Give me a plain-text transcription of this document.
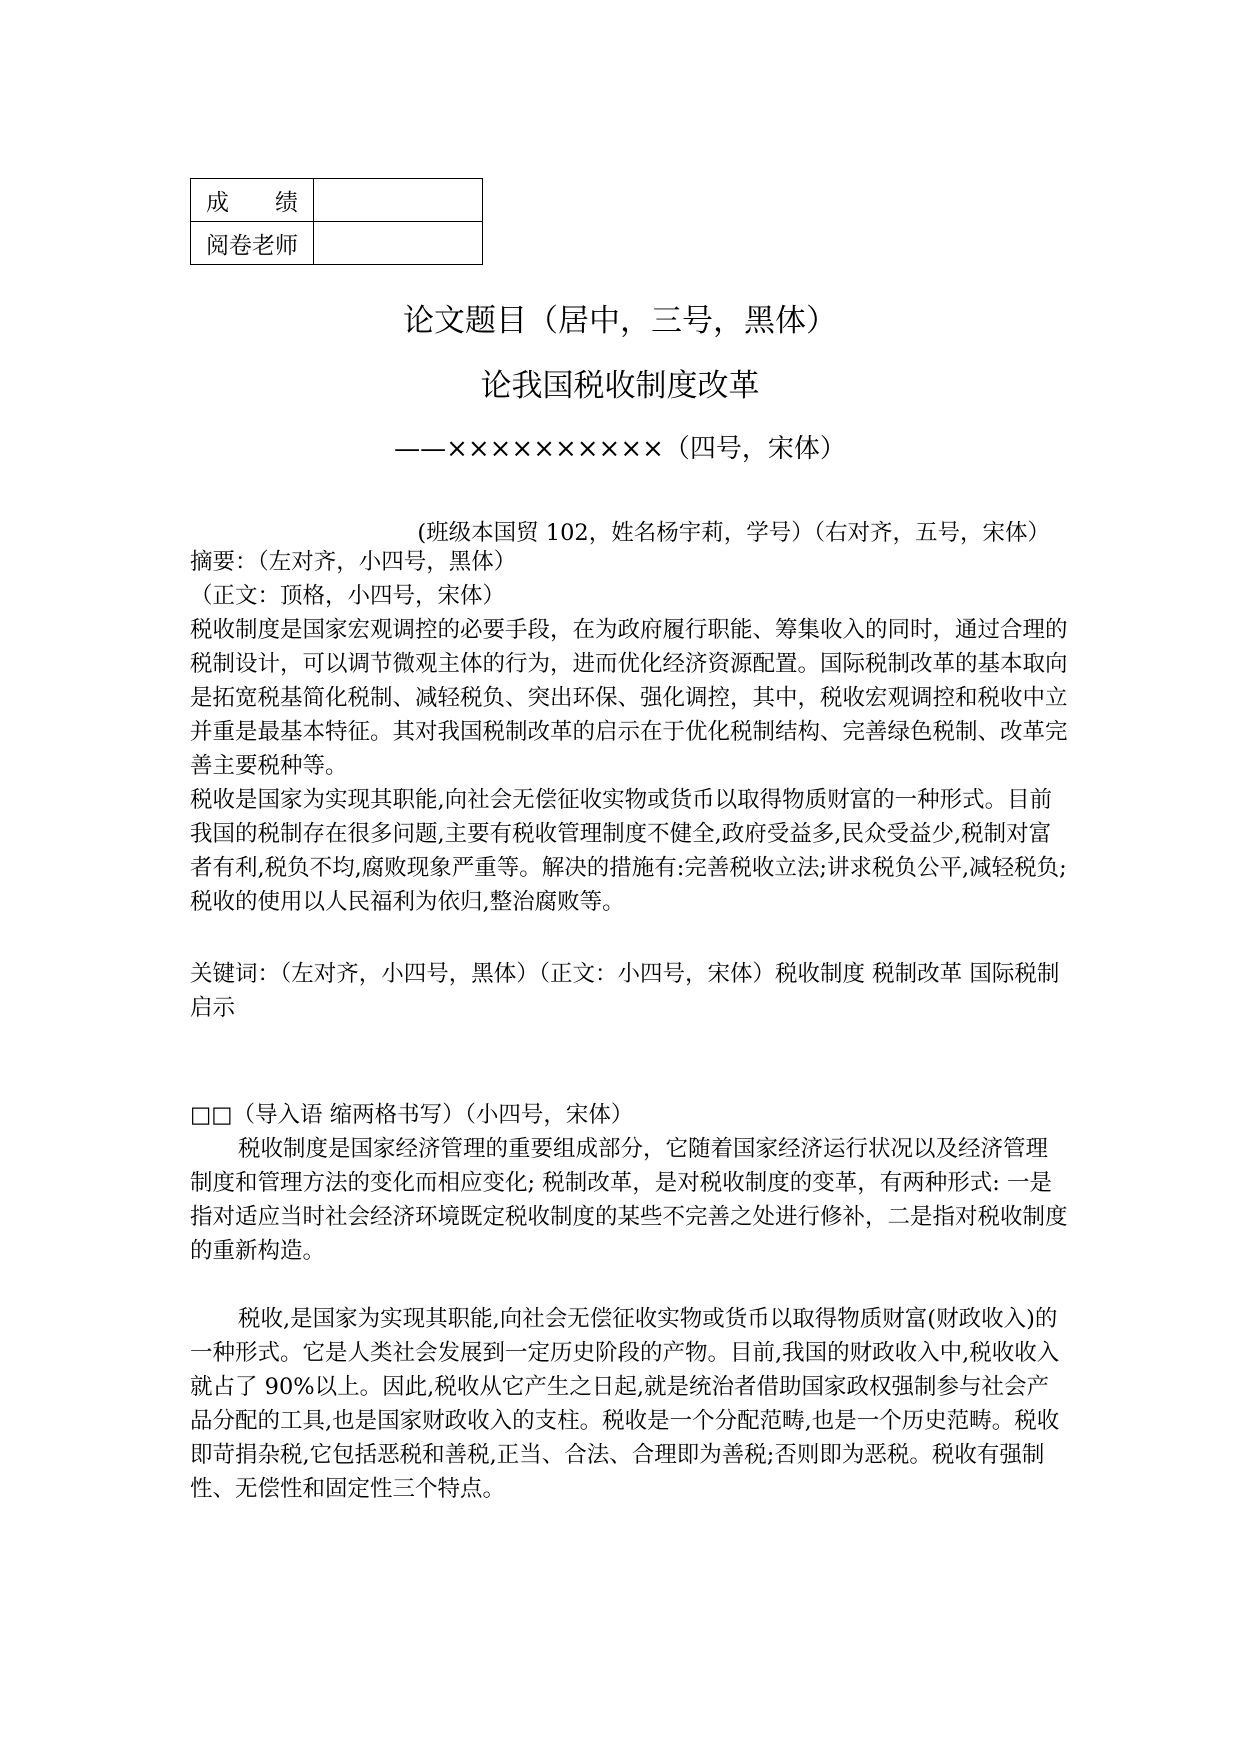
成　　绩	
阅卷老师	
论文题目（居中，三号，黑体）
论我国税收制度改革
——××××××××××（四号，宋体）
(班级本国贸 102，姓名杨宇莉，学号）（右对齐，五号，宋体）

摘要：（左对齐，小四号，黑体）

（正文：顶格，小四号，宋体）

税收制度是国家宏观调控的必要手段，在为政府履行职能、筹集收入的同时，通过合理的税制设计，可以调节微观主体的行为，进而优化经济资源配置。国际税制改革的基本取向是拓宽税基简化税制、减轻税负、突出环保、强化调控，其中，税收宏观调控和税收中立并重是最基本特征。其对我国税制改革的启示在于优化税制结构、完善绿色税制、改革完善主要税种等。

税收是国家为实现其职能,向社会无偿征收实物或货币以取得物质财富的一种形式。目前我国的税制存在很多问题,主要有税收管理制度不健全,政府受益多,民众受益少,税制对富者有利,税负不均,腐败现象严重等。解决的措施有:完善税收立法;讲求税负公平,减轻税负;税收的使用以人民福利为依归,整治腐败等。

关键词：（左对齐，小四号，黑体）（正文：小四号，宋体）税收制度 税制改革 国际税制 启示

□□（导入语 缩两格书写）（小四号，宋体）

税收制度是国家经济管理的重要组成部分，它随着国家经济运行状况以及经济管理制度和管理方法的变化而相应变化; 税制改革，是对税收制度的变革，有两种形式: 一是指对适应当时社会经济环境既定税收制度的某些不完善之处进行修补，二是指对税收制度的重新构造。

税收,是国家为实现其职能,向社会无偿征收实物或货币以取得物质财富(财政收入)的一种形式。它是人类社会发展到一定历史阶段的产物。目前,我国的财政收入中,税收收入就占了 90%以上。因此,税收从它产生之日起,就是统治者借助国家政权强制参与社会产品分配的工具,也是国家财政收入的支柱。税收是一个分配范畴,也是一个历史范畴。税收即苛捐杂税,它包括恶税和善税,正当、合法、合理即为善税;否则即为恶税。税收有强制性、无偿性和固定性三个特点。
